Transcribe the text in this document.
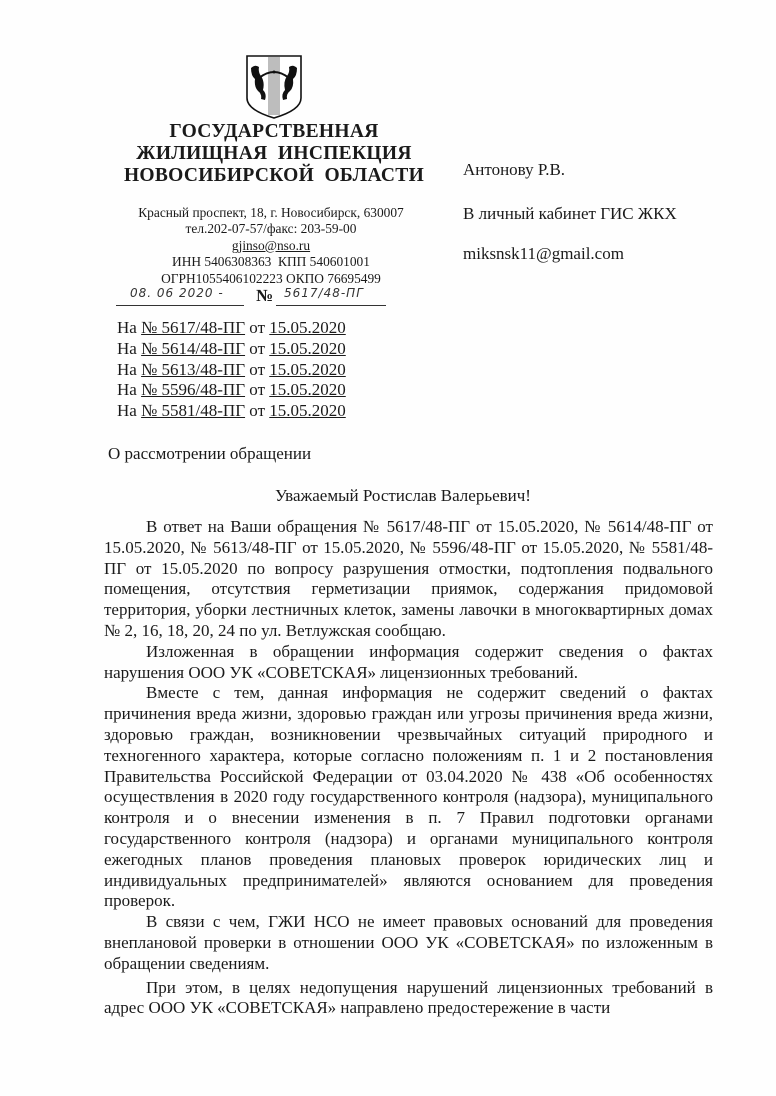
ГОСУДАРСТВЕННАЯ
ЖИЛИЩНАЯ  ИНСПЕКЦИЯ
НОВОСИБИРСКОЙ  ОБЛАСТИ
Красный проспект, 18, г. Новосибирск, 630007
тел.202-07-57/факс: 203-59-00
gjinso@nso.ru
ИНН 5406308363  КПП 540601001
ОГРН1055406102223 ОКПО 76695499
08. 06 2020 -	№ 5617/48-ПГ
На № 5617/48-ПГ от 15.05.2020
На № 5614/48-ПГ от 15.05.2020
На № 5613/48-ПГ от 15.05.2020
На № 5596/48-ПГ от 15.05.2020
На № 5581/48-ПГ от 15.05.2020
Антонову Р.В.
В личный кабинет ГИС ЖКХ
miksnsk11@gmail.com
О рассмотрении обращении
Уважаемый Ростислав Валерьевич!

В ответ на Ваши обращения № 5617/48-ПГ от 15.05.2020, № 5614/48-ПГ от 15.05.2020, № 5613/48-ПГ от 15.05.2020, № 5596/48-ПГ от 15.05.2020, № 5581/48-ПГ от 15.05.2020 по вопросу разрушения отмостки, подтопления подвального помещения, отсутствия герметизации приямок, содержания придомовой территория, уборки лестничных клеток, замены лавочки в многоквартирных домах № 2, 16, 18, 20, 24 по ул. Ветлужская сообщаю.

Изложенная в обращении информация содержит сведения о фактах нарушения ООО УК «СОВЕТСКАЯ» лицензионных требований.

Вместе с тем, данная информация не содержит сведений о фактах причинения вреда жизни, здоровью граждан или угрозы причинения вреда жизни, здоровью граждан, возникновении чрезвычайных ситуаций природного и техногенного характера, которые согласно положениям п. 1 и 2 постановления Правительства Российской Федерации от 03.04.2020 № 438 «Об особенностях осуществления в 2020 году государственного контроля (надзора), муниципального контроля и о внесении изменения в п. 7 Правил подготовки органами государственного контроля (надзора) и органами муниципального контроля ежегодных планов проведения плановых проверок юридических лиц и индивидуальных предпринимателей» являются основанием для проведения проверок.

В связи с чем, ГЖИ НСО не имеет правовых оснований для проведения внеплановой проверки в отношении ООО УК «СОВЕТСКАЯ» по изложенным в обращении сведениям.

При этом, в целях недопущения нарушений лицензионных требований в адрес ООО УК «СОВЕТСКАЯ» направлено предостережение в части
